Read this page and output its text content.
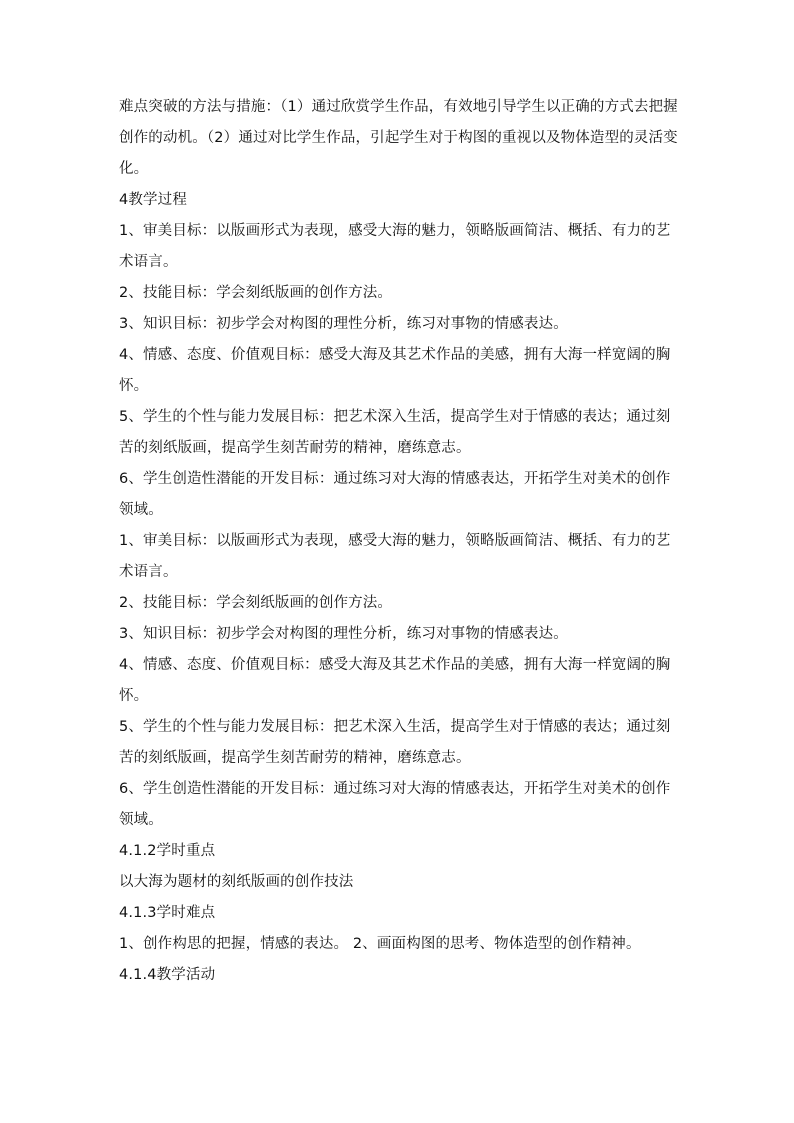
难点突破的方法与措施：（1）通过欣赏学生作品，有效地引导学生以正确的方式去把握创作的动机。（2）通过对比学生作品，引起学生对于构图的重视以及物体造型的灵活变化。

4教学过程

1、审美目标：以版画形式为表现，感受大海的魅力，领略版画简洁、概括、有力的艺术语言。

2、技能目标：学会刻纸版画的创作方法。

3、知识目标：初步学会对构图的理性分析，练习对事物的情感表达。

4、情感、态度、价值观目标：感受大海及其艺术作品的美感，拥有大海一样宽阔的胸怀。

5、学生的个性与能力发展目标：把艺术深入生活，提高学生对于情感的表达；通过刻苦的刻纸版画，提高学生刻苦耐劳的精神，磨练意志。

6、学生创造性潜能的开发目标：通过练习对大海的情感表达，开拓学生对美术的创作领域。

1、审美目标：以版画形式为表现，感受大海的魅力，领略版画简洁、概括、有力的艺术语言。

2、技能目标：学会刻纸版画的创作方法。

3、知识目标：初步学会对构图的理性分析，练习对事物的情感表达。

4、情感、态度、价值观目标：感受大海及其艺术作品的美感，拥有大海一样宽阔的胸怀。

5、学生的个性与能力发展目标：把艺术深入生活，提高学生对于情感的表达；通过刻苦的刻纸版画，提高学生刻苦耐劳的精神，磨练意志。

6、学生创造性潜能的开发目标：通过练习对大海的情感表达，开拓学生对美术的创作领域。

4.1.2学时重点

以大海为题材的刻纸版画的创作技法

4.1.3学时难点

1、创作构思的把握，情感的表达。 2、画面构图的思考、物体造型的创作精神。

4.1.4教学活动
